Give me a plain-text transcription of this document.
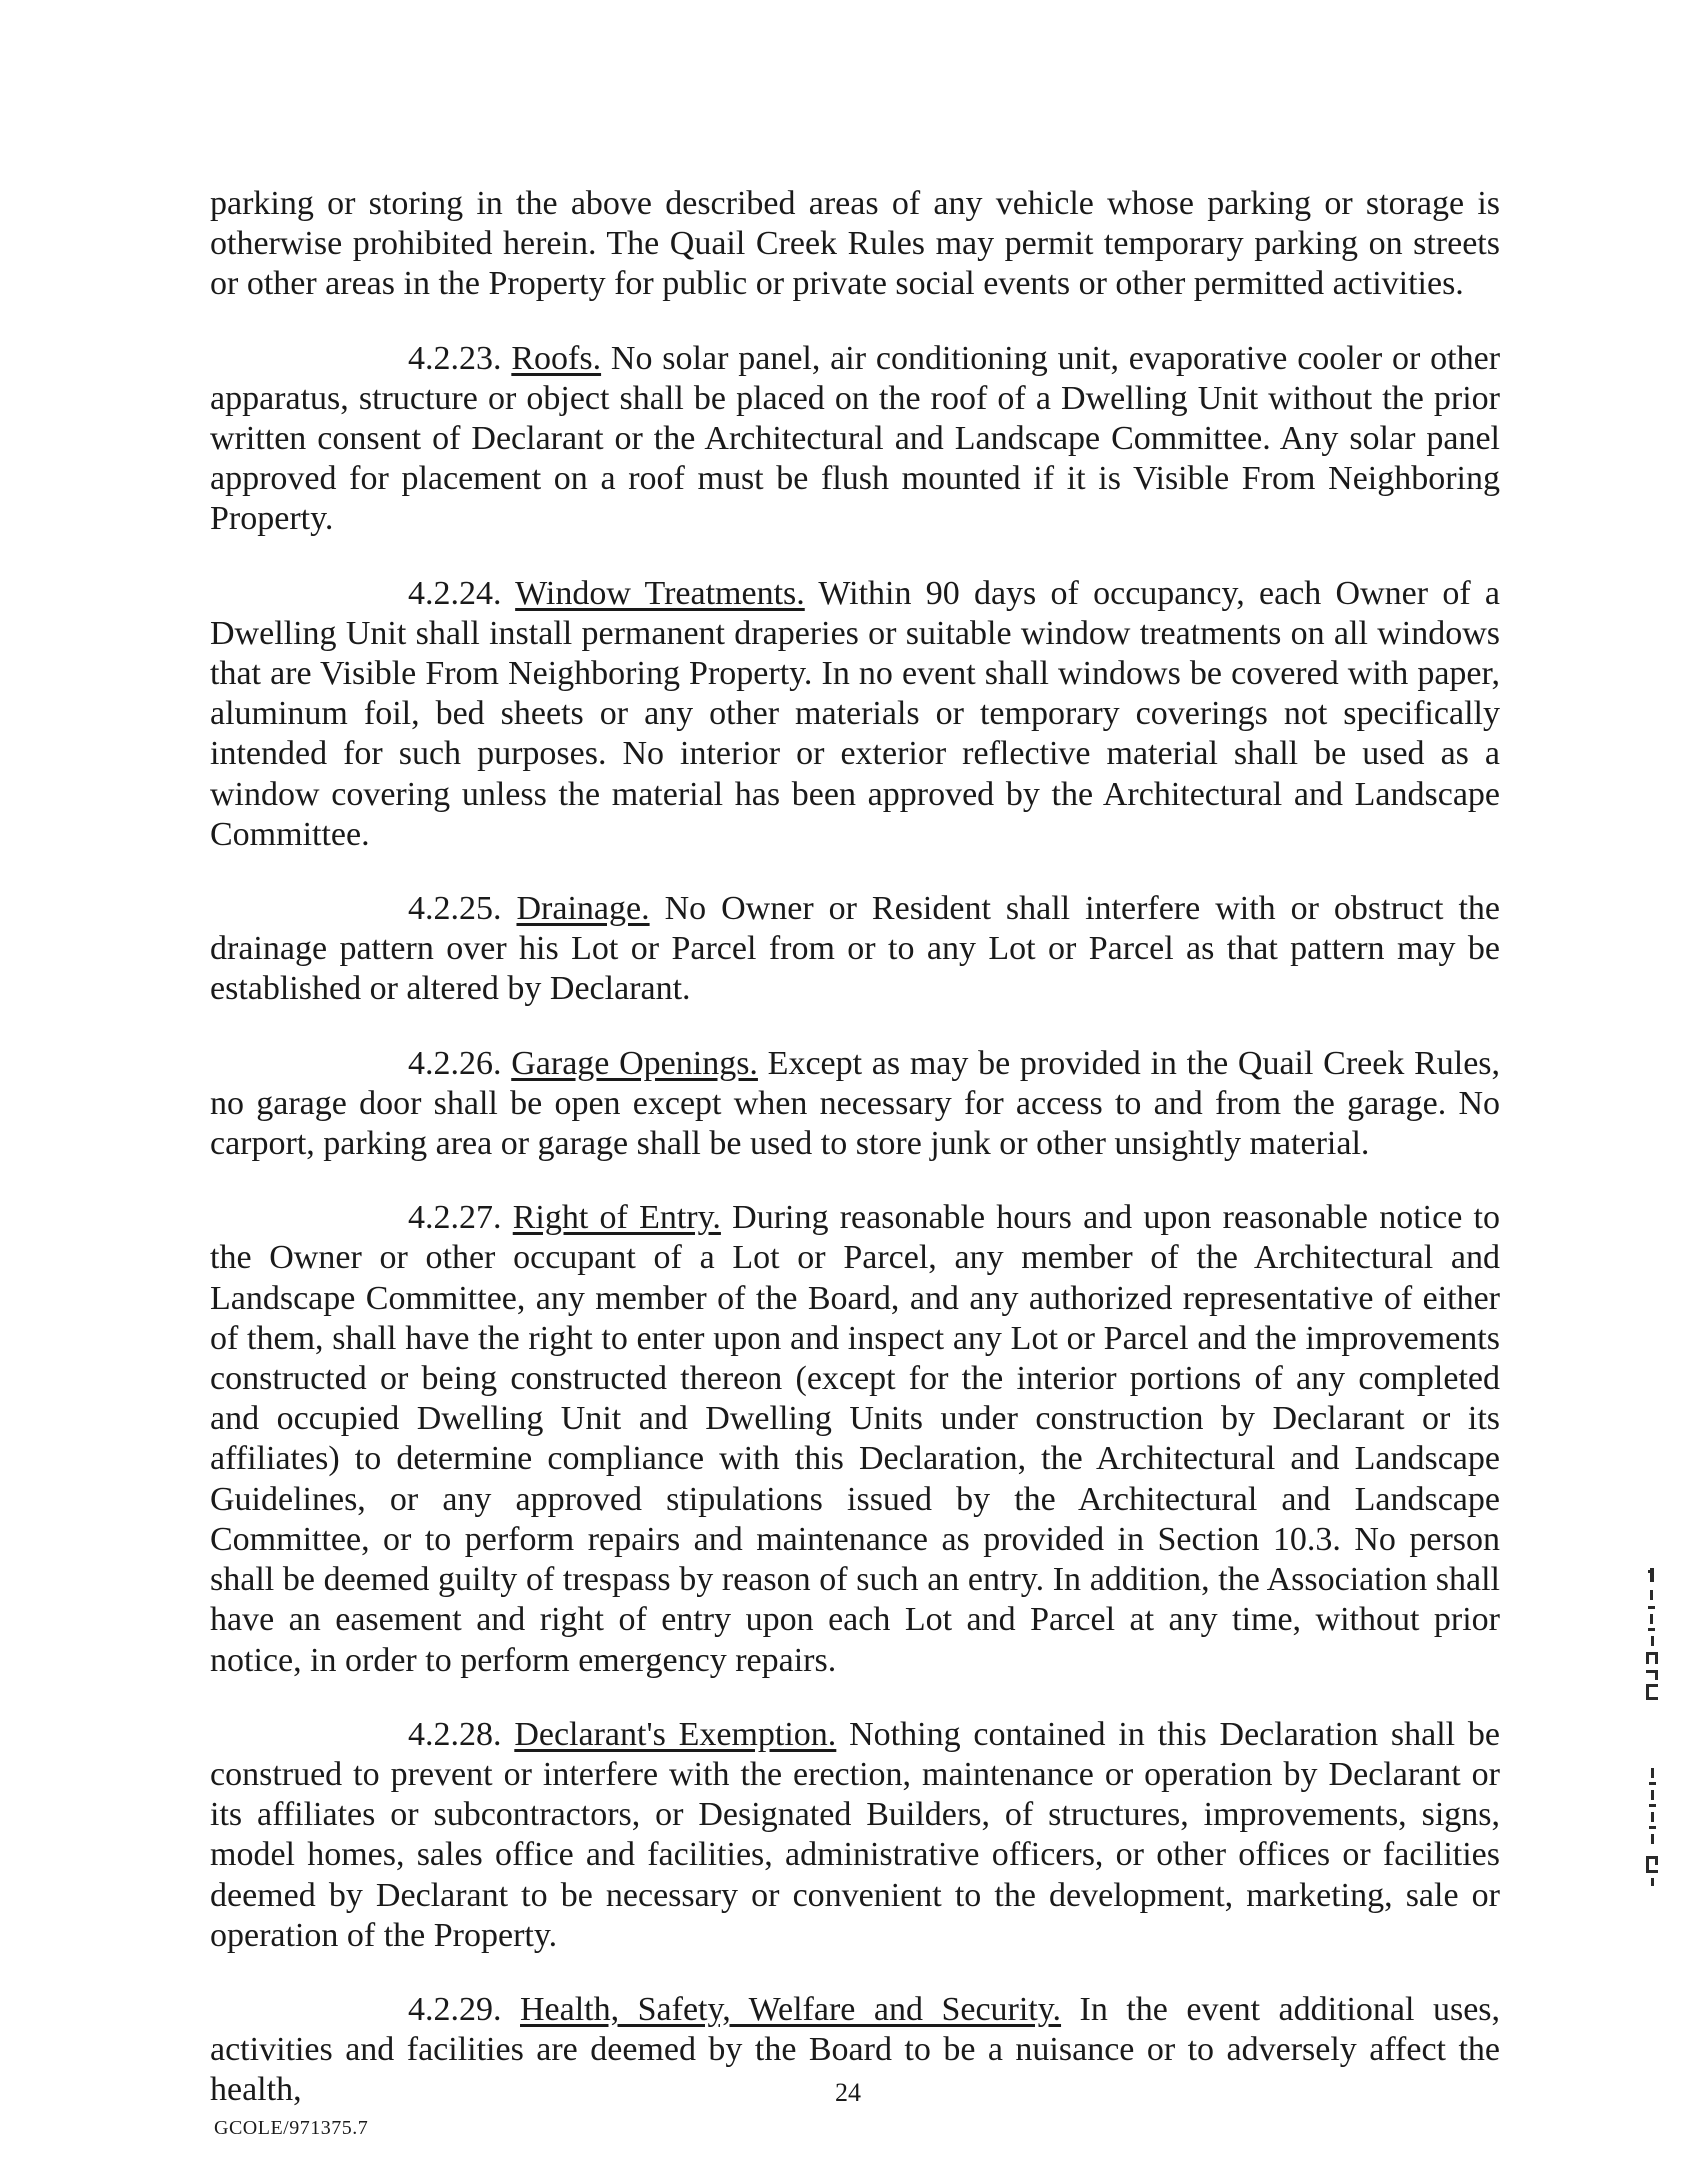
parking or storing in the above described areas of any vehicle whose parking or storage is otherwise prohibited herein. The Quail Creek Rules may permit temporary parking on streets or other areas in the Property for public or private social events or other permitted activities.

4.2.23. Roofs. No solar panel, air conditioning unit, evaporative cooler or other apparatus, structure or object shall be placed on the roof of a Dwelling Unit without the prior written consent of Declarant or the Architectural and Landscape Committee. Any solar panel approved for placement on a roof must be flush mounted if it is Visible From Neighboring Property.

4.2.24. Window Treatments. Within 90 days of occupancy, each Owner of a Dwelling Unit shall install permanent draperies or suitable window treatments on all windows that are Visible From Neighboring Property. In no event shall windows be covered with paper, aluminum foil, bed sheets or any other materials or temporary coverings not specifically intended for such purposes. No interior or exterior reflective material shall be used as a window covering unless the material has been approved by the Architectural and Landscape Committee.

4.2.25. Drainage. No Owner or Resident shall interfere with or obstruct the drainage pattern over his Lot or Parcel from or to any Lot or Parcel as that pattern may be established or altered by Declarant.

4.2.26. Garage Openings. Except as may be provided in the Quail Creek Rules, no garage door shall be open except when necessary for access to and from the garage. No carport, parking area or garage shall be used to store junk or other unsightly material.

4.2.27. Right of Entry. During reasonable hours and upon reasonable notice to the Owner or other occupant of a Lot or Parcel, any member of the Architectural and Landscape Committee, any member of the Board, and any authorized representative of either of them, shall have the right to enter upon and inspect any Lot or Parcel and the improvements constructed or being constructed thereon (except for the interior portions of any completed and occupied Dwelling Unit and Dwelling Units under construction by Declarant or its affiliates) to determine compliance with this Declaration, the Architectural and Landscape Guidelines, or any approved stipulations issued by the Architectural and Landscape Committee, or to perform repairs and maintenance as provided in Section 10.3. No person shall be deemed guilty of trespass by reason of such an entry. In addition, the Association shall have an easement and right of entry upon each Lot and Parcel at any time, without prior notice, in order to perform emergency repairs.

4.2.28. Declarant's Exemption. Nothing contained in this Declaration shall be construed to prevent or interfere with the erection, maintenance or operation by Declarant or its affiliates or subcontractors, or Designated Builders, of structures, improvements, signs, model homes, sales office and facilities, administrative officers, or other offices or facilities deemed by Declarant to be necessary or convenient to the development, marketing, sale or operation of the Property.

4.2.29. Health, Safety, Welfare and Security. In the event additional uses, activities and facilities are deemed by the Board to be a nuisance or to adversely affect the health,	24
GCOLE/971375.7
